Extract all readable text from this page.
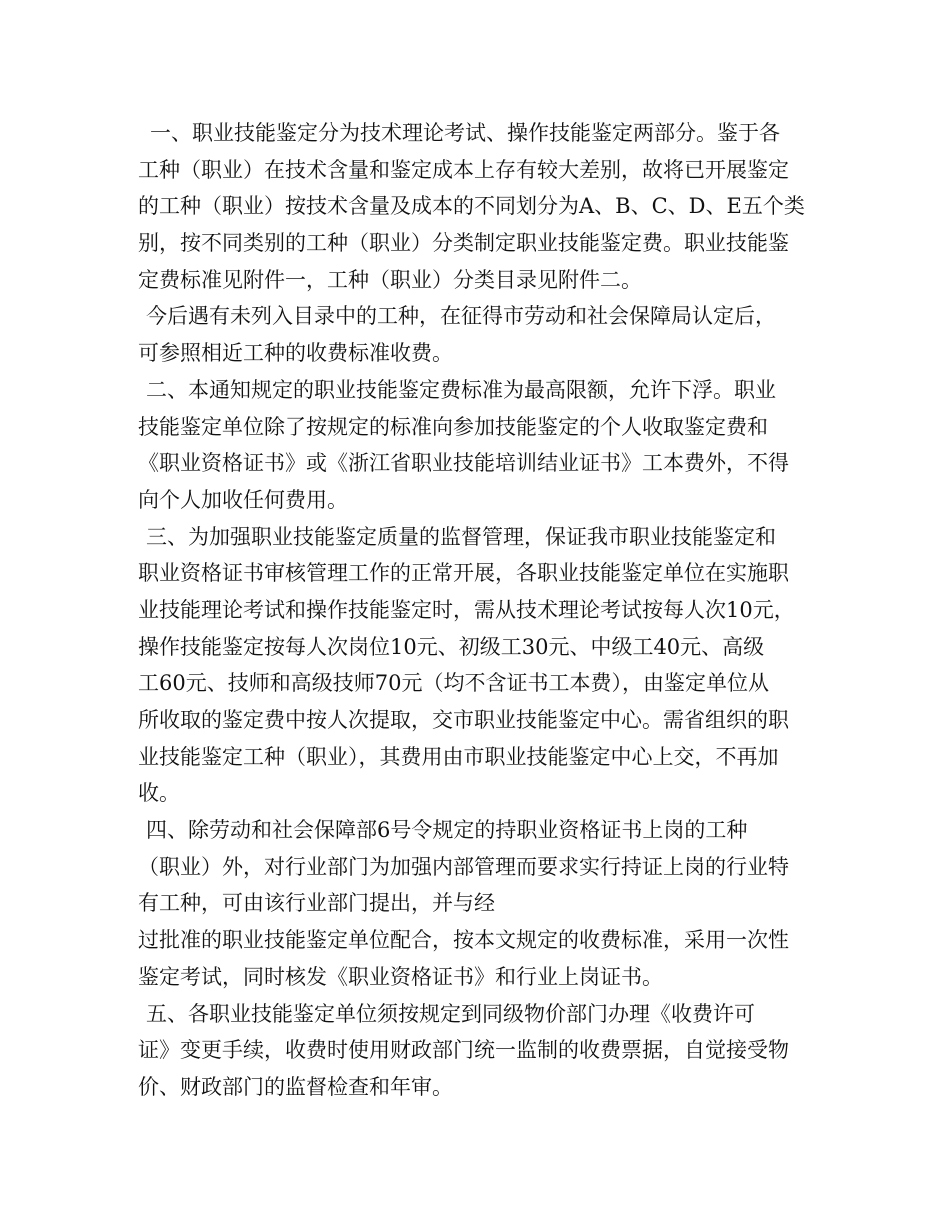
一、职业技能鉴定分为技术理论考试、操作技能鉴定两部分。鉴于各
工种（职业）在技术含量和鉴定成本上存有较大差别，故将已开展鉴定
的工种（职业）按技术含量及成本的不同划分为A、B、C、D、E五个类
别，按不同类别的工种（职业）分类制定职业技能鉴定费。职业技能鉴
定费标准见附件一，工种（职业）分类目录见附件二。
今后遇有未列入目录中的工种，在征得市劳动和社会保障局认定后，
可参照相近工种的收费标准收费。
二、本通知规定的职业技能鉴定费标准为最高限额，允许下浮。职业
技能鉴定单位除了按规定的标准向参加技能鉴定的个人收取鉴定费和
《职业资格证书》或《浙江省职业技能培训结业证书》工本费外，不得
向个人加收任何费用。
三、为加强职业技能鉴定质量的监督管理，保证我市职业技能鉴定和
职业资格证书审核管理工作的正常开展，各职业技能鉴定单位在实施职
业技能理论考试和操作技能鉴定时，需从技术理论考试按每人次10元，
操作技能鉴定按每人次岗位10元、初级工30元、中级工40元、高级
工60元、技师和高级技师70元（均不含证书工本费），由鉴定单位从
所收取的鉴定费中按人次提取，交市职业技能鉴定中心。需省组织的职
业技能鉴定工种（职业），其费用由市职业技能鉴定中心上交，不再加
收。
四、除劳动和社会保障部6号令规定的持职业资格证书上岗的工种
（职业）外，对行业部门为加强内部管理而要求实行持证上岗的行业特
有工种，可由该行业部门提出，并与经
过批准的职业技能鉴定单位配合，按本文规定的收费标准，采用一次性
鉴定考试，同时核发《职业资格证书》和行业上岗证书。
五、各职业技能鉴定单位须按规定到同级物价部门办理《收费许可
证》变更手续，收费时使用财政部门统一监制的收费票据，自觉接受物
价、财政部门的监督检查和年审。
